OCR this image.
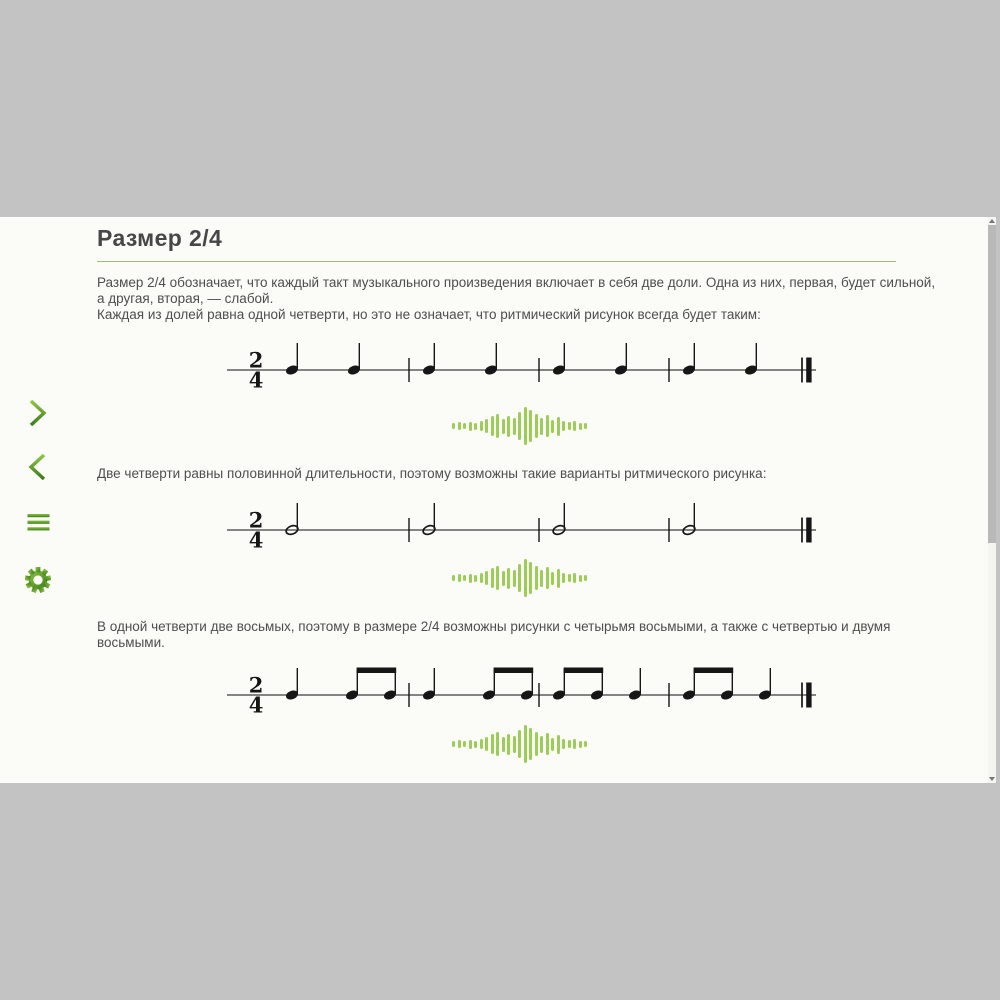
Размер 2/4
Размер 2/4 обозначает, что каждый такт музыкального произведения включает в себя две доли. Одна из них, первая, будет сильной,
а другая, вторая, — слабой.
Каждая из долей равна одной четверти, но это не означает, что ритмический рисунок всегда будет таким:
2
4
Две четверти равны половинной длительности, поэтому возможны такие варианты ритмического рисунка:
2
4
В одной четверти две восьмых, поэтому в размере 2/4 возможны рисунки с четырьмя восьмыми, а также с четвертью и двумя
восьмыми.
2
4
